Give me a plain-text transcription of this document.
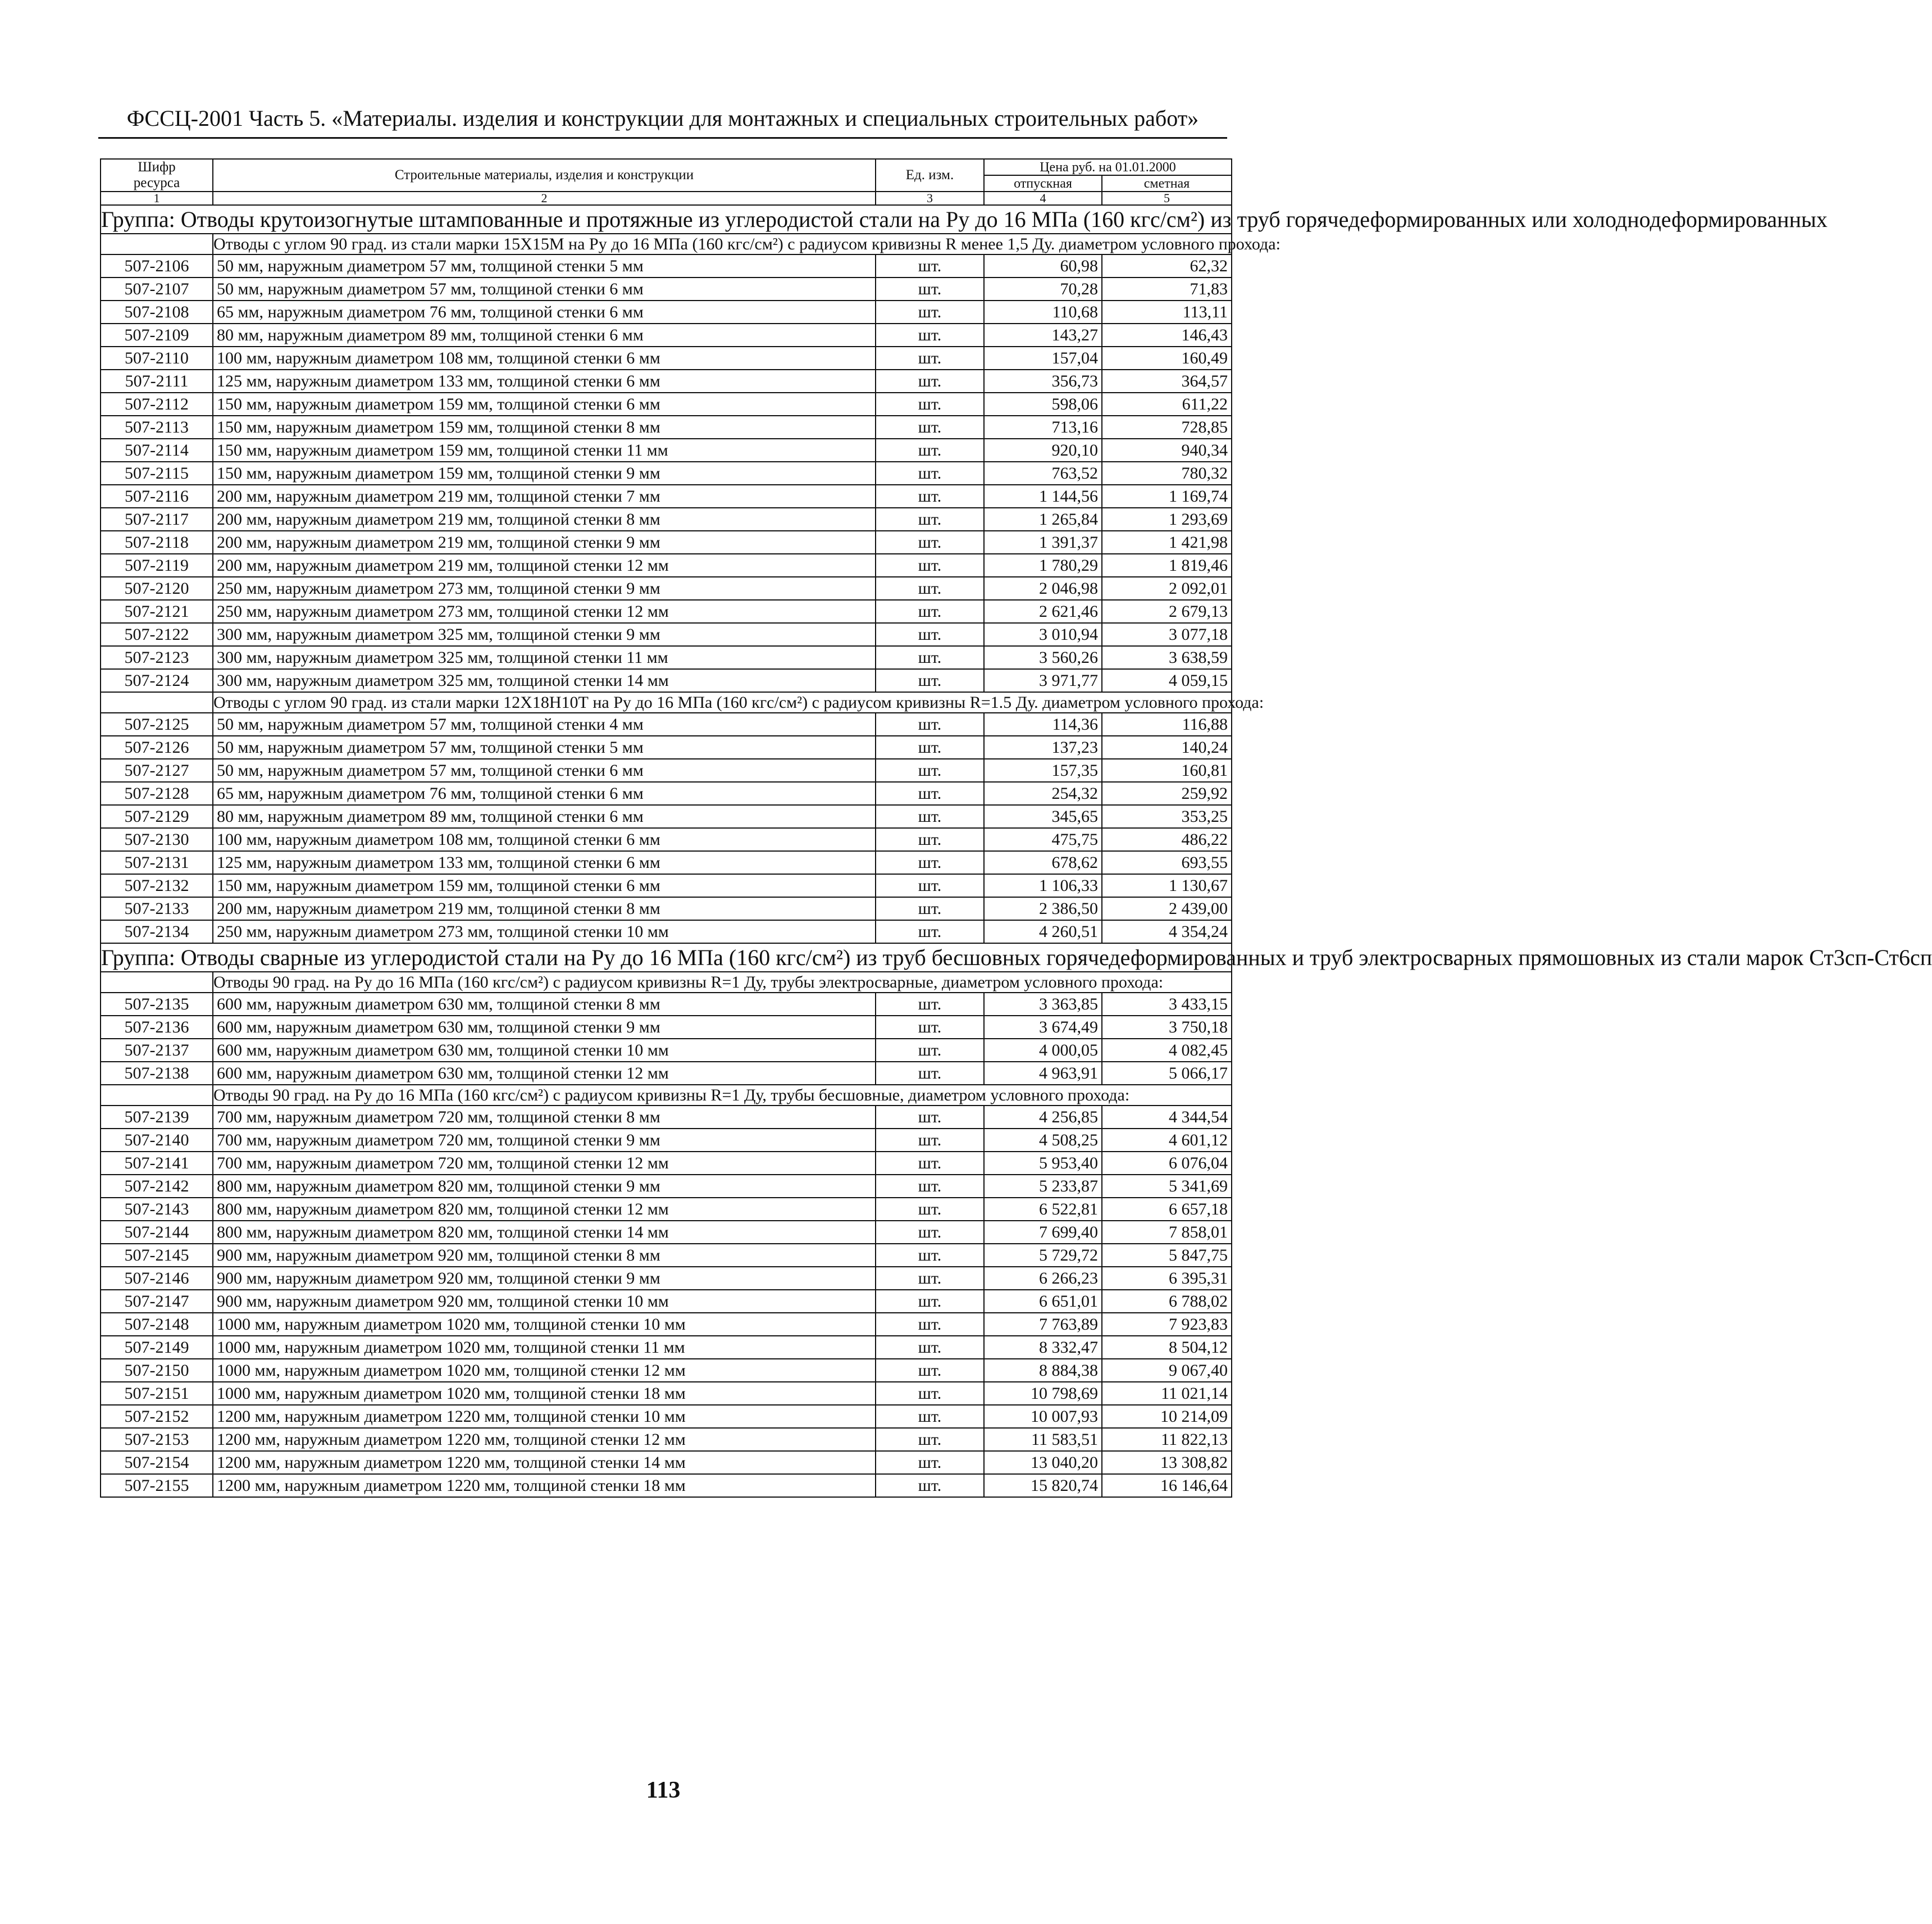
ФССЦ-2001 Часть 5. «Материалы. изделия и конструкции для монтажных и специальных строительных работ»
Шифр ресурса	Строительные материалы, изделия и конструкции	Ед. изм.	Цена руб. на 01.01.2000	
			отпускная	сметная
1	2	3	4	5
Группа: Отводы крутоизогнутые штампованные и протяжные из углеродистой стали на Ру до 16 МПа (160 кгс/см²) из труб горячедеформированных или холоднодеформированных				
	Отводы с углом 90 град. из стали марки 15Х15М на Ру до 16 МПа (160 кгс/см²) с радиусом кривизны R менее 1,5 Ду. диаметром условного прохода:			
507-2106	50 мм, наружным диаметром 57 мм, толщиной стенки 5 мм	шт.	60,98	62,32
507-2107	50 мм, наружным диаметром 57 мм, толщиной стенки 6 мм	шт.	70,28	71,83
507-2108	65 мм, наружным диаметром 76 мм, толщиной стенки 6 мм	шт.	110,68	113,11
507-2109	80 мм, наружным диаметром 89 мм, толщиной стенки 6 мм	шт.	143,27	146,43
507-2110	100 мм, наружным диаметром 108 мм, толщиной стенки 6 мм	шт.	157,04	160,49
507-2111	125 мм, наружным диаметром 133 мм, толщиной стенки 6 мм	шт.	356,73	364,57
507-2112	150 мм, наружным диаметром 159 мм, толщиной стенки 6 мм	шт.	598,06	611,22
507-2113	150 мм, наружным диаметром 159 мм, толщиной стенки 8 мм	шт.	713,16	728,85
507-2114	150 мм, наружным диаметром 159 мм, толщиной стенки 11 мм	шт.	920,10	940,34
507-2115	150 мм, наружным диаметром 159 мм, толщиной стенки 9 мм	шт.	763,52	780,32
507-2116	200 мм, наружным диаметром 219 мм, толщиной стенки 7 мм	шт.	1 144,56	1 169,74
507-2117	200 мм, наружным диаметром 219 мм, толщиной стенки 8 мм	шт.	1 265,84	1 293,69
507-2118	200 мм, наружным диаметром 219 мм, толщиной стенки 9 мм	шт.	1 391,37	1 421,98
507-2119	200 мм, наружным диаметром 219 мм, толщиной стенки 12 мм	шт.	1 780,29	1 819,46
507-2120	250 мм, наружным диаметром 273 мм, толщиной стенки 9 мм	шт.	2 046,98	2 092,01
507-2121	250 мм, наружным диаметром 273 мм, толщиной стенки 12 мм	шт.	2 621,46	2 679,13
507-2122	300 мм, наружным диаметром 325 мм, толщиной стенки 9 мм	шт.	3 010,94	3 077,18
507-2123	300 мм, наружным диаметром 325 мм, толщиной стенки 11 мм	шт.	3 560,26	3 638,59
507-2124	300 мм, наружным диаметром 325 мм, толщиной стенки 14 мм	шт.	3 971,77	4 059,15
	Отводы с углом 90 град. из стали марки 12Х18Н10Т на Ру до 16 МПа (160 кгс/см²) с радиусом кривизны R=1.5 Ду. диаметром условного прохода:			
507-2125	50 мм, наружным диаметром 57 мм, толщиной стенки 4 мм	шт.	114,36	116,88
507-2126	50 мм, наружным диаметром 57 мм, толщиной стенки 5 мм	шт.	137,23	140,24
507-2127	50 мм, наружным диаметром 57 мм, толщиной стенки 6 мм	шт.	157,35	160,81
507-2128	65 мм, наружным диаметром 76 мм, толщиной стенки 6 мм	шт.	254,32	259,92
507-2129	80 мм, наружным диаметром 89 мм, толщиной стенки 6 мм	шт.	345,65	353,25
507-2130	100 мм, наружным диаметром 108 мм, толщиной стенки 6 мм	шт.	475,75	486,22
507-2131	125 мм, наружным диаметром 133 мм, толщиной стенки 6 мм	шт.	678,62	693,55
507-2132	150 мм, наружным диаметром 159 мм, толщиной стенки 6 мм	шт.	1 106,33	1 130,67
507-2133	200 мм, наружным диаметром 219 мм, толщиной стенки 8 мм	шт.	2 386,50	2 439,00
507-2134	250 мм, наружным диаметром 273 мм, толщиной стенки 10 мм	шт.	4 260,51	4 354,24
Группа: Отводы сварные из углеродистой стали на Ру до 16 МПа (160 кгс/см²) из труб бесшовных горячедеформированных и труб электросварных прямошовных из стали марок Ст3сп-Ст6сп				
	Отводы 90 град. на Ру до 16 МПа (160 кгс/см²) с радиусом кривизны R=1 Ду, трубы электросварные, диаметром условного прохода:			
507-2135	600 мм, наружным диаметром 630 мм, толщиной стенки 8 мм	шт.	3 363,85	3 433,15
507-2136	600 мм, наружным диаметром 630 мм, толщиной стенки 9 мм	шт.	3 674,49	3 750,18
507-2137	600 мм, наружным диаметром 630 мм, толщиной стенки 10 мм	шт.	4 000,05	4 082,45
507-2138	600 мм, наружным диаметром 630 мм, толщиной стенки 12 мм	шт.	4 963,91	5 066,17
	Отводы 90 град. на Ру до 16 МПа (160 кгс/см²) с радиусом кривизны R=1 Ду, трубы бесшовные, диаметром условного прохода:			
507-2139	700 мм, наружным диаметром 720 мм, толщиной стенки 8 мм	шт.	4 256,85	4 344,54
507-2140	700 мм, наружным диаметром 720 мм, толщиной стенки 9 мм	шт.	4 508,25	4 601,12
507-2141	700 мм, наружным диаметром 720 мм, толщиной стенки 12 мм	шт.	5 953,40	6 076,04
507-2142	800 мм, наружным диаметром 820 мм, толщиной стенки 9 мм	шт.	5 233,87	5 341,69
507-2143	800 мм, наружным диаметром 820 мм, толщиной стенки 12 мм	шт.	6 522,81	6 657,18
507-2144	800 мм, наружным диаметром 820 мм, толщиной стенки 14 мм	шт.	7 699,40	7 858,01
507-2145	900 мм, наружным диаметром 920 мм, толщиной стенки 8 мм	шт.	5 729,72	5 847,75
507-2146	900 мм, наружным диаметром 920 мм, толщиной стенки 9 мм	шт.	6 266,23	6 395,31
507-2147	900 мм, наружным диаметром 920 мм, толщиной стенки 10 мм	шт.	6 651,01	6 788,02
507-2148	1000 мм, наружным диаметром 1020 мм, толщиной стенки 10 мм	шт.	7 763,89	7 923,83
507-2149	1000 мм, наружным диаметром 1020 мм, толщиной стенки 11 мм	шт.	8 332,47	8 504,12
507-2150	1000 мм, наружным диаметром 1020 мм, толщиной стенки 12 мм	шт.	8 884,38	9 067,40
507-2151	1000 мм, наружным диаметром 1020 мм, толщиной стенки 18 мм	шт.	10 798,69	11 021,14
507-2152	1200 мм, наружным диаметром 1220 мм, толщиной стенки 10 мм	шт.	10 007,93	10 214,09
507-2153	1200 мм, наружным диаметром 1220 мм, толщиной стенки 12 мм	шт.	11 583,51	11 822,13
507-2154	1200 мм, наружным диаметром 1220 мм, толщиной стенки 14 мм	шт.	13 040,20	13 308,82
507-2155	1200 мм, наружным диаметром 1220 мм, толщиной стенки 18 мм	шт.	15 820,74	16 146,64
113
